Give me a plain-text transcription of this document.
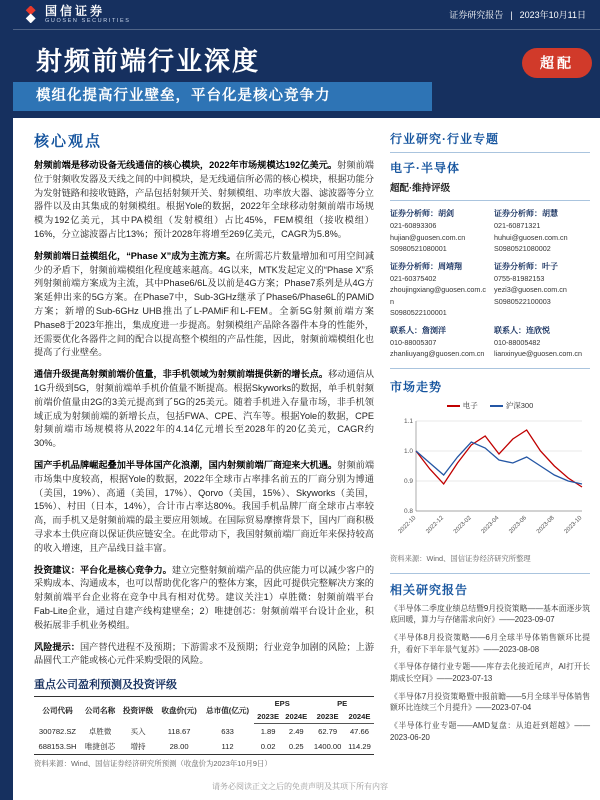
国信证券
GUOSEN SECURITIES
证券研究报告 | 2023年10月11日
射频前端行业深度
模组化提高行业壁垒，平台化是核心竞争力
超配
核心观点

射频前端是移动设备无线通信的核心模块，2022年市场规模达192亿美元。射频前端位于射频收发器及天线之间的中间模块，是无线通信所必需的核心模块，根据功能分为发射链路和接收链路，产品包括射频开关、射频模组、功率放大器、滤波器等分立器件以及由其集成的射频模组。根据Yole的数据，2022年全球移动射频前端市场规模为192亿美元，其中PA模组（发射模组）占比45%，FEM模组（接收模组）16%，分立滤波器占比13%；预计2028年将增至269亿美元，CAGR为5.8%。

射频前端日益模组化，“Phase X”成为主流方案。在所需芯片数量增加和可用空间减少的矛盾下，射频前端模组化程度越来越高。4G以来，MTK发起定义的“Phase X”系列射频前端方案成为主流，其中Phase6/6L及以前是4G方案；Phase7系列是从4G方案延伸出来的5G方案。在Phase7中，Sub-3GHz继承了Phase6/Phase6L的PAMiD方案；新增的Sub-6GHz UHB推出了L-PAMiF和L-FEM。全新5G射频前端方案Phase8于2023年推出，集成度进一步提高。射频模组产品除各器件本身的性能外，还需要优化各器件之间的配合以提高整个模组的产品性能，因此，射频前端模组化也提高了行业壁垒。

通信升级提高射频前端价值量，非手机领域为射频前端提供新的增长点。移动通信从1G升级到5G，射频前端单手机价值量不断提高。根据Skyworks的数据，单手机射频前端价值量由2G的3美元提高到了5G的25美元。随着手机进入存量市场，非手机领域正成为射频前端的新增长点，包括FWA、CPE、汽车等。根据Yole的数据，CPE射频前端市场规模将从2022年的4.14亿元增长至2028年的20亿美元，CAGR约30%。

国产手机品牌崛起叠加半导体国产化浪潮，国内射频前端厂商迎来大机遇。射频前端市场集中度较高，根据Yole的数据，2022年全球市占率排名前五的厂商分别为博通（美国，19%）、高通（美国，17%）、Qorvo（美国，15%）、Skyworks（美国，15%）、村田（日本，14%），合计市占率达80%。我国手机品牌厂商全球市占率较高，而手机又是射频前端的最主要应用领域。在国际贸易摩擦背景下，国内厂商积极寻求本土供应商以保证供应链安全。在此带动下，我国射频前端厂商近年来保持较高的收入增速，且产品线日益丰富。

投资建议：平台化是核心竞争力。建立完整射频前端产品的供应能力可以减少客户的采购成本、沟通成本，也可以帮助优化客户的整体方案，因此可提供完整解决方案的射频前端平台企业将在竞争中具有相对优势。建议关注1）卓胜微：射频前端平台Fab-Lite企业，通过自建产线构建壁垒；2）唯捷创芯：射频前端平台设计企业，积极拓展非手机业务模组。

风险提示：国产替代进程不及预期；下游需求不及预期；行业竞争加剧的风险；上游晶圆代工产能或核心元件采购受限的风险。

重点公司盈利预测及投资评级
公司代码	公司名称	投资评级	收盘价(元)	总市值(亿元)	EPS		PE	
					2023E	2024E	2023E	2024E
300782.SZ	卓胜微	买入	118.67	633	1.89	2.49	62.79	47.66
688153.SH	唯捷创芯	增持	28.00	112	0.02	0.25	1400.00	114.29
资料来源：Wind、国信证券经济研究所预测（收盘价为2023年10月9日）
行业研究·行业专题
电子·半导体
超配·维持评级
证券分析师：胡剑
021-60893306
hujian@guosen.com.cn
S0980521080001
证券分析师：胡慧
021-60871321
huhui@guosen.com.cn
S0980521080002
证券分析师：周靖翔
021-60375402
zhoujingxiang@guosen.com.cn
S0980522100001
证券分析师：叶子
0755-81982153
yezi3@guosen.com.cn
S0980522100003
联系人：詹浏洋
010-88005307
zhanliuyang@guosen.com.cn
联系人：连欣悦
010-88005482
lianxinyue@guosen.com.cn
市场走势
电子	沪深300
0.8
0.9
1.0
1.1
2022-10 2022-12 2023-02 2023-04 2023-06 2023-08 2023-10
资料来源：Wind、国信证券经济研究所整理
相关研究报告
《半导体二季度业绩总结暨9月投资策略——基本面逐步筑底回暖，算力与存储需求向好》——2023-09-07
《半导体8月投资策略——6月全球半导体销售额环比提升，看好下半年景气复苏》——2023-08-08
《半导体存储行业专题——库存去化接近尾声，AI打开长期成长空间》——2023-07-13
《半导体7月投资策略暨中报前瞻——5月全球半导体销售额环比连续三个月提升》——2023-07-04
《半导体行业专题——AMD复盘：从追赶到超越》——2023-06-20
请务必阅读正文之后的免责声明及其项下所有内容
